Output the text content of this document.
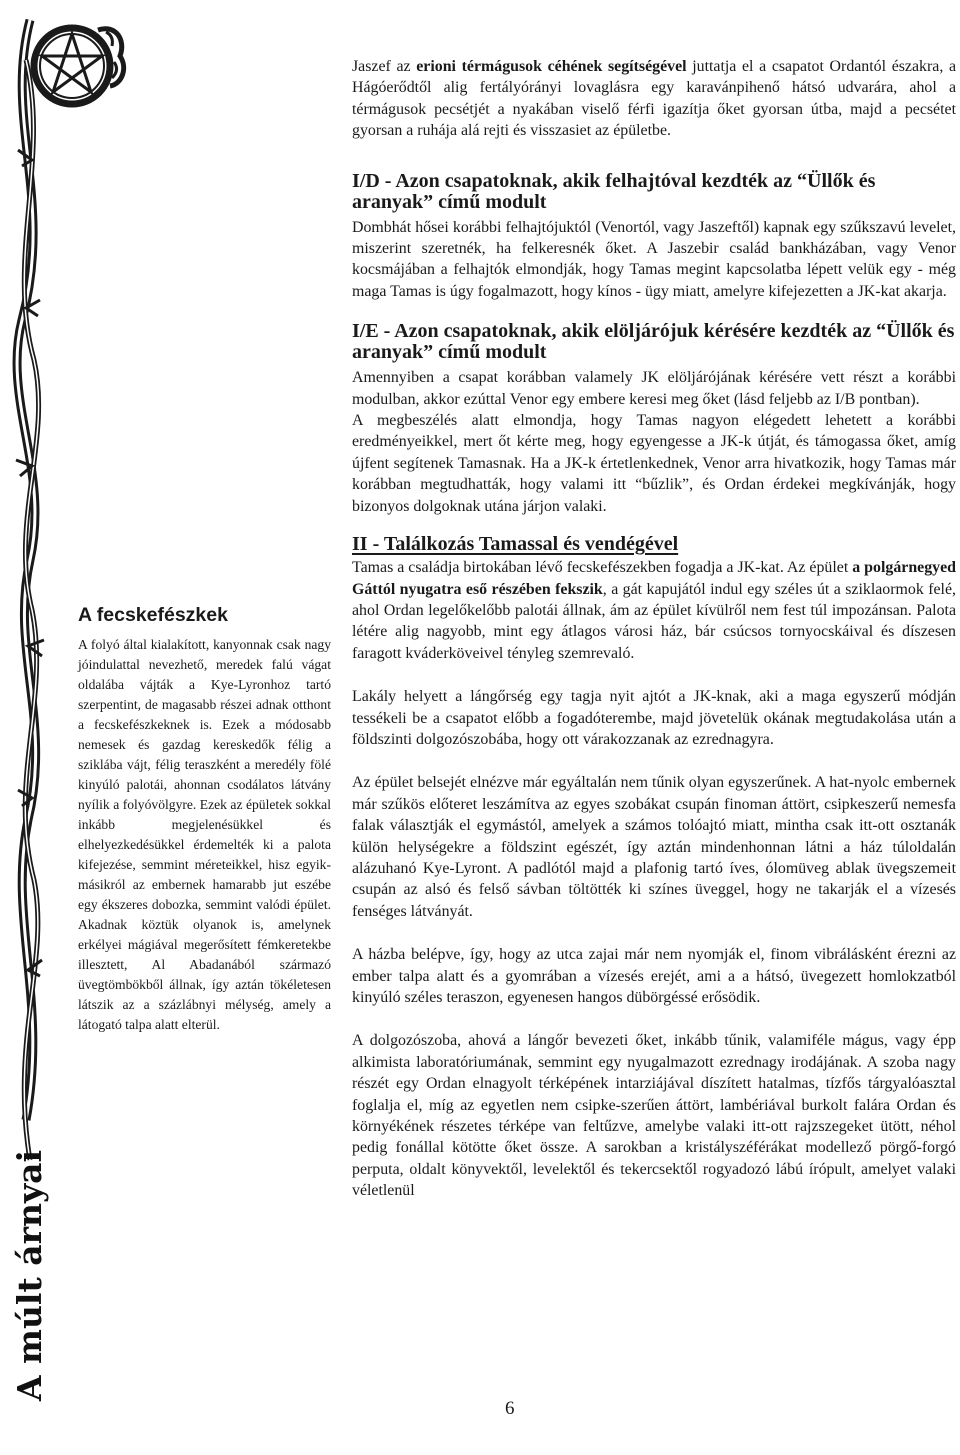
A múlt árnyai
A fecskefészkek

A folyó által kialakított, kanyonnak csak nagy jóindulattal nevezhető, meredek falú vágat oldalába vájták a Kye-Lyronhoz tartó szerpentint, de magasabb részei adnak otthont a fecskefészkeknek is. Ezek a módosabb nemesek és gazdag kereskedők félig a sziklába vájt, félig teraszként a meredély fölé kinyúló palotái, ahonnan csodálatos látvány nyílik a folyóvölgyre. Ezek az épületek sokkal inkább megjelenésükkel és elhelyezkedésükkel érdemelték ki a palota kifejezése, semmint méreteikkel, hisz egyik-másikról az embernek hamarabb jut eszébe egy ékszeres dobozka, semmint valódi épület. Akadnak köztük olyanok is, amelynek erkélyei mágiával megerősített fémkeretekbe illesztett, Al Abadanából származó üvegtömbökből állnak, így aztán tökéletesen látszik az a százlábnyi mélység, amely a látogató talpa alatt elterül.

Jaszef az erioni térmágusok céhének segítségével juttatja el a csapatot Ordantól északra, a Hágóerődtől alig fertályórányi lovaglásra egy karavánpihenő hátsó udvarára, ahol a térmágusok pecsétjét a nyakában viselő férfi igazítja őket gyorsan útba, majd a pecsétet gyorsan a ruhája alá rejti és visszasiet az épületbe.

I/D - Azon csapatoknak, akik felhajtóval kezdték az “Üllők és aranyak” című modult

Dombhát hősei korábbi felhajtójuktól (Venortól, vagy Jaszeftől) kapnak egy szűkszavú levelet, miszerint szeretnék, ha felkeresnék őket. A Jaszebir család bankházában, vagy Venor kocsmájában a felhajtók elmondják, hogy Tamas megint kapcsolatba lépett velük egy - még maga Tamas is úgy fogalmazott, hogy kínos - ügy miatt, amelyre kifejezetten a JK-kat akarja.

I/E - Azon csapatoknak, akik elöljárójuk kérésére kezdték az “Üllők és aranyak” című modult

Amennyiben a csapat korábban valamely JK elöljárójának kérésére vett részt a korábbi modulban, akkor ezúttal Venor egy embere keresi meg őket (lásd feljebb az I/B pontban).

A megbeszélés alatt elmondja, hogy Tamas nagyon elégedett lehetett a korábbi eredményeikkel, mert őt kérte meg, hogy egyengesse a JK-k útját, és támogassa őket, amíg újfent segítenek Tamasnak. Ha a JK-k értetlenkednek, Venor arra hivatkozik, hogy Tamas már korábban megtudhatták, hogy valami itt “bűzlik”, és Ordan érdekei megkívánják, hogy bizonyos dolgoknak utána járjon valaki.

II - Találkozás Tamassal és vendégével

Tamas a családja birtokában lévő fecskefészekben fogadja a JK-kat. Az épület a polgárnegyed Gáttól nyugatra eső részében fekszik, a gát kapujától indul egy széles út a sziklaormok felé, ahol Ordan legelőkelőbb palotái állnak, ám az épület kívülről nem fest túl impozánsan. Palota létére alig nagyobb, mint egy átlagos városi ház, bár csúcsos tornyocskáival és díszesen faragott kváderköveivel tényleg szemrevaló.

Lakály helyett a lángőrség egy tagja nyit ajtót a JK-knak, aki a maga egyszerű módján tessékeli be a csapatot előbb a fogadóterembe, majd jövetelük okának megtudakolása után a földszinti dolgozószobába, hogy ott várakozzanak az ezrednagyra.

Az épület belsejét elnézve már egyáltalán nem tűnik olyan egyszerűnek. A hat-nyolc embernek már szűkös előteret leszámítva az egyes szobákat csupán finoman áttört, csipkeszerű nemesfa falak választják el egymástól, amelyek a számos tolóajtó miatt, mintha csak itt-ott osztanák külön helységekre a földszint egészét, így aztán mindenhonnan látni a ház túloldalán alázuhanó Kye-Lyront. A padlótól majd a plafonig tartó íves, ólomüveg ablak üvegszemeit csupán az alsó és felső sávban töltötték ki színes üveggel, hogy ne takarják el a vízesés fenséges látványát.

A házba belépve, így, hogy az utca zajai már nem nyomják el, finom vibrálásként érezni az ember talpa alatt és a gyomrában a vízesés erejét, ami a a hátsó, üvegezett homlokzatból kinyúló széles teraszon, egyenesen hangos dübörgéssé erősödik.

A dolgozószoba, ahová a lángőr bevezeti őket, inkább tűnik, valamiféle mágus, vagy épp alkimista laboratóriumának, semmint egy nyugalmazott ezrednagy irodájának. A szoba nagy részét egy Ordan elnagyolt térképének intarziájával díszített hatalmas, tízfős tárgyalóasztal foglalja el, míg az egyetlen nem csipke-szerűen áttört, lambériával burkolt falára Ordan és környékének részetes térképe van feltűzve, amelybe valaki itt-ott rajzszegeket ütött, néhol pedig fonállal kötötte őket össze. A sarokban a kristályszéférákat modellező pörgő-forgó perputa, oldalt könyvektől, levelektől és tekercsektől rogyadozó lábú írópult, amelyet valaki véletlenül

6
